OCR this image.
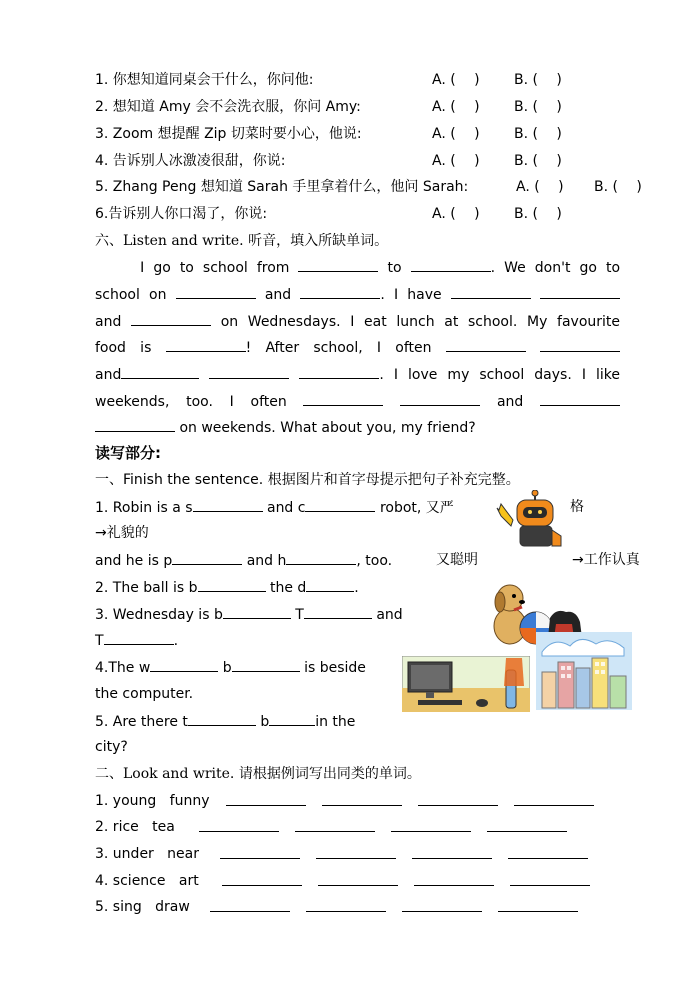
1. 你想知道同桌会干什么，你问他:	A. (　 ) B. (　 )
2. 想知道 Amy 会不会洗衣服，你问 Amy:	A. (　 ) B. (　 )
3. Zoom 想提醒 Zip 切菜时要小心，他说:	A. (　 ) B. (　 )
4. 告诉别人冰激凌很甜，你说:	A. (　 ) B. (　 )
5. Zhang Peng 想知道 Sarah 手里拿着什么，他问 Sarah:	A. (　 ) B. (　 )
6.告诉别人你口渴了，你说:	A. (　 ) B. (　 )
六、Listen and write. 听音，填入所缺单词。
I go to school from	to	. We don't go to
school on	and	. I have
and	on Wednesdays. I eat lunch at school. My favourite
food is	! After school, I often
and	. I love my school days. I like
weekends, too. I often	and
on weekends. What about you, my friend?
读写部分:
一、Finish the sentence. 根据图片和首字母提示把句子补充完整。
1. Robin is a s	and c	robot, 又严	格
→礼貌的
and he is p	and h	, too.	又聪明	→工作认真
2. The ball is b	the d	.
3. Wednesday is b	T	and
T	.
4.The w	b	is beside
the computer.
5. Are there t	b	in the
city?
二、Look and write. 请根据例词写出同类的单词。
1. young funny
2. rice tea
3. under near
4. science art
5. sing draw
